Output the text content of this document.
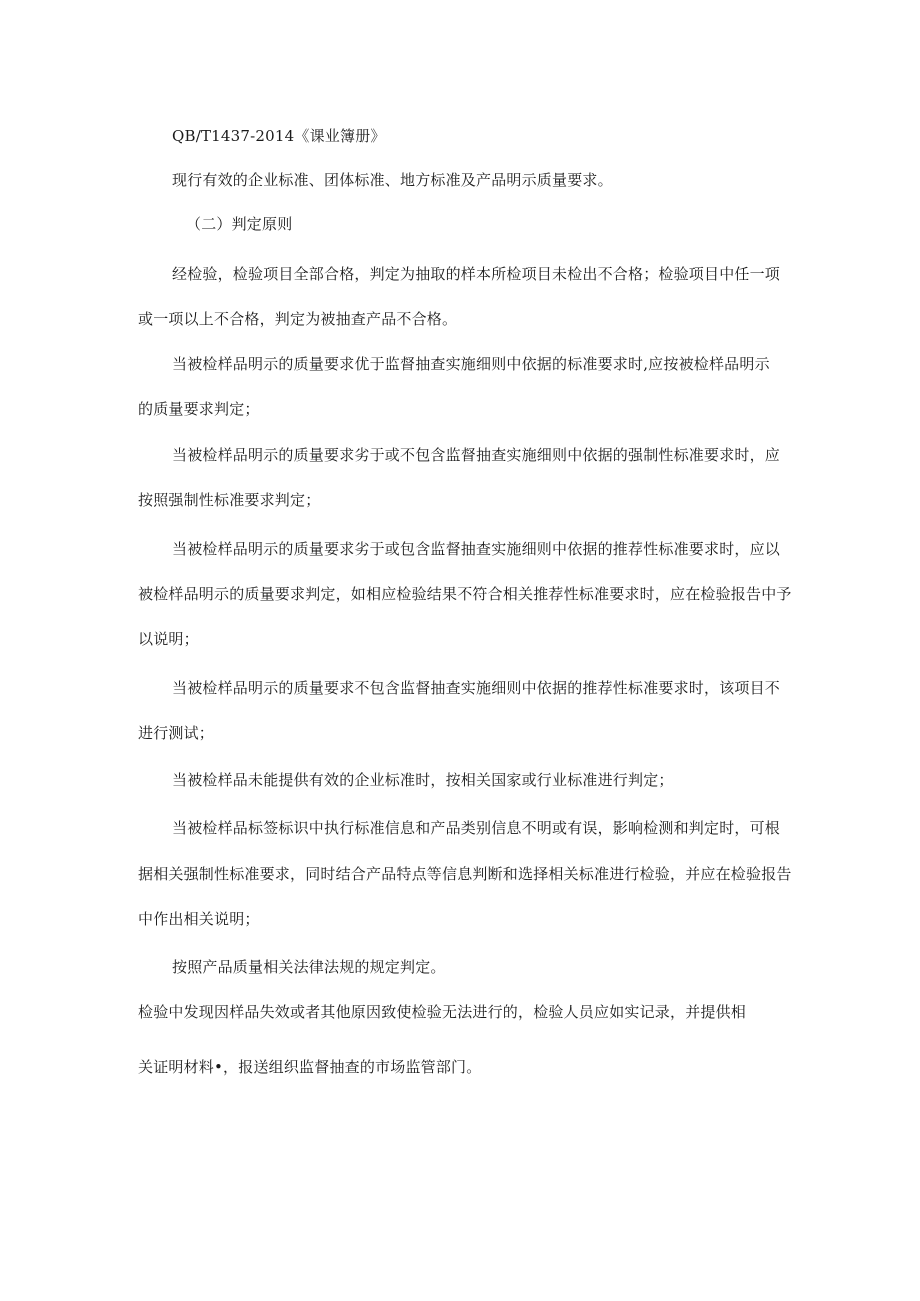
QB/T1437-2014《课业簿册》
现行有效的企业标准、团体标准、地方标准及产品明示质量要求。
（二）判定原则
经检验，检验项目全部合格，判定为抽取的样本所检项目未检出不合格；检验项目中任一项
或一项以上不合格，判定为被抽查产品不合格。
当被检样品明示的质量要求优于监督抽查实施细则中依据的标准要求时,应按被检样品明示
的质量要求判定；
当被检样品明示的质量要求劣于或不包含监督抽查实施细则中依据的强制性标准要求时，应
按照强制性标准要求判定；
当被检样品明示的质量要求劣于或包含监督抽查实施细则中依据的推荐性标准要求时，应以
被检样品明示的质量要求判定，如相应检验结果不符合相关推荐性标准要求时，应在检验报告中予
以说明；
当被检样品明示的质量要求不包含监督抽查实施细则中依据的推荐性标准要求时，该项目不
进行测试；
当被检样品未能提供有效的企业标准时，按相关国家或行业标准进行判定；
当被检样品标签标识中执行标准信息和产品类别信息不明或有误，影响检测和判定时，可根
据相关强制性标准要求，同时结合产品特点等信息判断和选择相关标准进行检验，并应在检验报告
中作出相关说明；
按照产品质量相关法律法规的规定判定。
检验中发现因样品失效或者其他原因致使检验无法进行的，检验人员应如实记录，并提供相
关证明材料•，报送组织监督抽查的市场监管部门。
